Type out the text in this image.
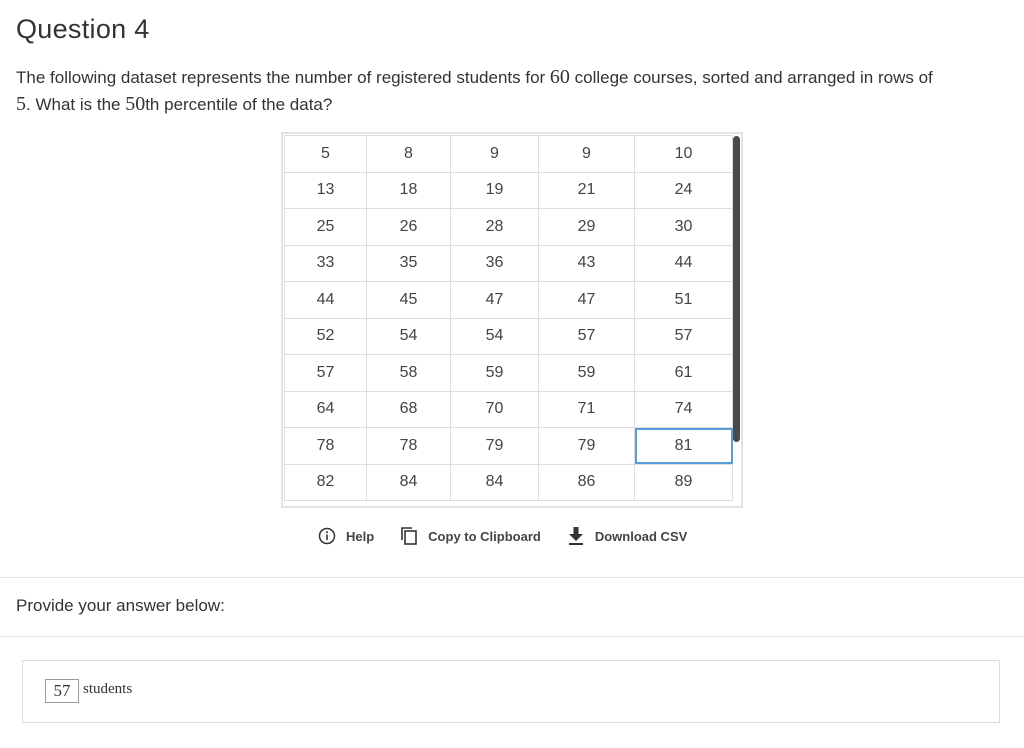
Question 4
The following dataset represents the number of registered students for 60 college courses, sorted and arranged in rows of
5. What is the 50th percentile of the data?
5	8	9	9	10
13	18	19	21	24
25	26	28	29	30
33	35	36	43	44
44	45	47	47	51
52	54	54	57	57
57	58	59	59	61
64	68	70	71	74
78	78	79	79	81
82	84	84	86	89
Help	Copy to Clipboard	Download CSV
Provide your answer below:
57 students
